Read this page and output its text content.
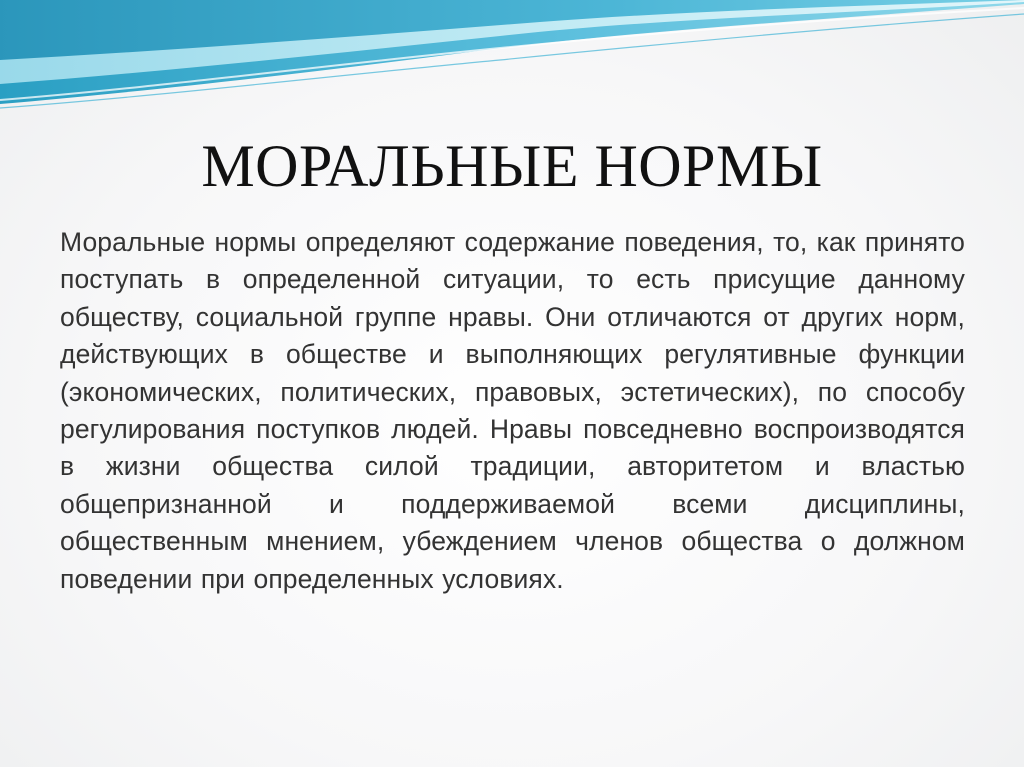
МОРАЛЬНЫЕ НОРМЫ

Моральные нормы определяют содержание поведения, то, как принято поступать в определенной ситуации, то есть присущие данному обществу, социальной группе нравы. Они отличаются от других норм, действующих в обществе и выполняющих регулятивные функции (экономических, политических, правовых, эстетических), по способу регулирования поступков людей. Нравы повседневно воспроизводятся в жизни общества силой традиции, авторитетом и властью общепризнанной и поддерживаемой всеми дисциплины, общественным мнением, убеждением членов общества о должном поведении при определенных условиях.
